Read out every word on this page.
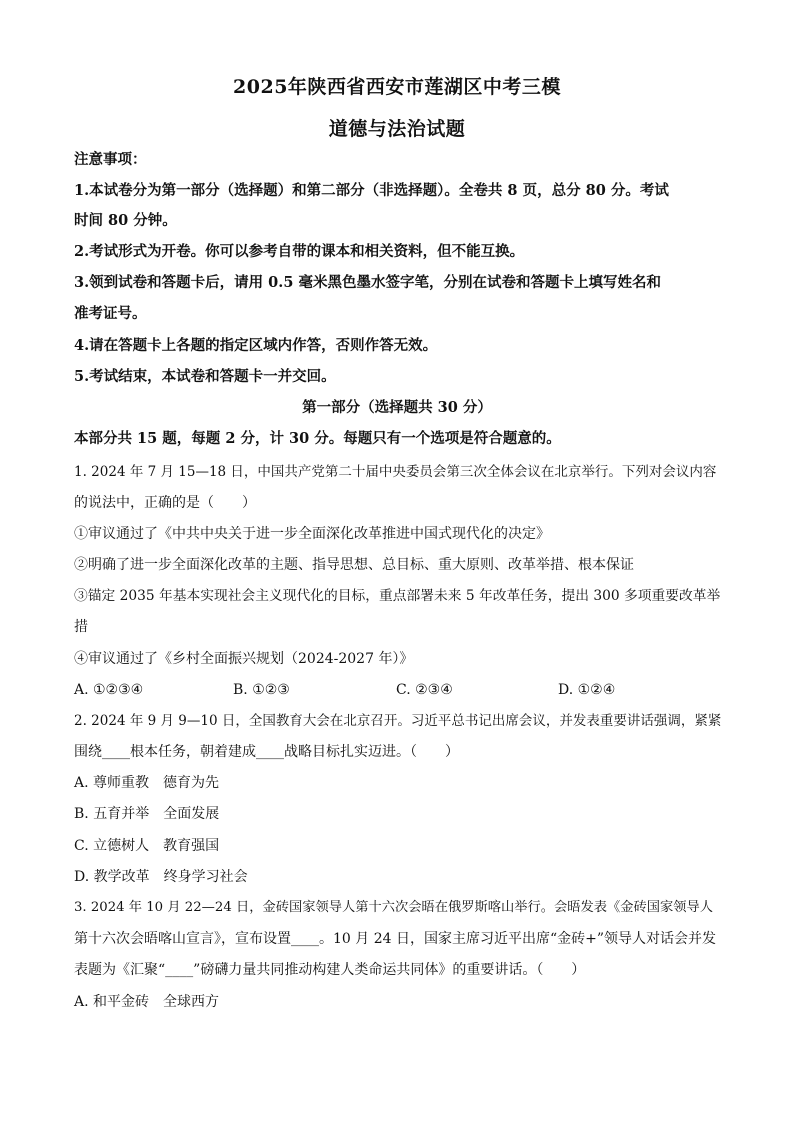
2025年陕西省西安市莲湖区中考三模
道德与法治试题
注意事项：
1.本试卷分为第一部分（选择题）和第二部分（非选择题）。全卷共 8 页，总分 80 分。考试
时间 80 分钟。
2.考试形式为开卷。你可以参考自带的课本和相关资料，但不能互换。
3.领到试卷和答题卡后，请用 0.5 毫米黑色墨水签字笔，分别在试卷和答题卡上填写姓名和
准考证号。
4.请在答题卡上各题的指定区域内作答，否则作答无效。
5.考试结束，本试卷和答题卡一并交回。
第一部分（选择题共 30 分）
本部分共 15 题，每题 2 分，计 30 分。每题只有一个选项是符合题意的。
1. 2024 年 7 月 15—18 日，中国共产党第二十届中央委员会第三次全体会议在北京举行。下列对会议内容
的说法中，正确的是（　　）
①审议通过了《中共中央关于进一步全面深化改革推进中国式现代化的决定》
②明确了进一步全面深化改革的主题、指导思想、总目标、重大原则、改革举措、根本保证
③锚定 2035 年基本实现社会主义现代化的目标，重点部署未来 5 年改革任务，提出 300 多项重要改革举
措
④审议通过了《乡村全面振兴规划（2024-2027 年）》
A. ①②③④	B. ①②③	C. ②③④	D. ①②④
2. 2024 年 9 月 9—10 日，全国教育大会在北京召开。习近平总书记出席会议，并发表重要讲话强调，紧紧
围绕____根本任务，朝着建成____战略目标扎实迈进。（　　）
A. 尊师重教　德育为先
B. 五育并举　全面发展
C. 立德树人　教育强国
D. 教学改革　终身学习社会
3. 2024 年 10 月 22—24 日，金砖国家领导人第十六次会晤在俄罗斯喀山举行。会晤发表《金砖国家领导人
第十六次会晤喀山宣言》，宣布设置____。10 月 24 日，国家主席习近平出席“金砖+”领导人对话会并发
表题为《汇聚“____”磅礴力量共同推动构建人类命运共同体》的重要讲话。（　　）
A. 和平金砖　全球西方
